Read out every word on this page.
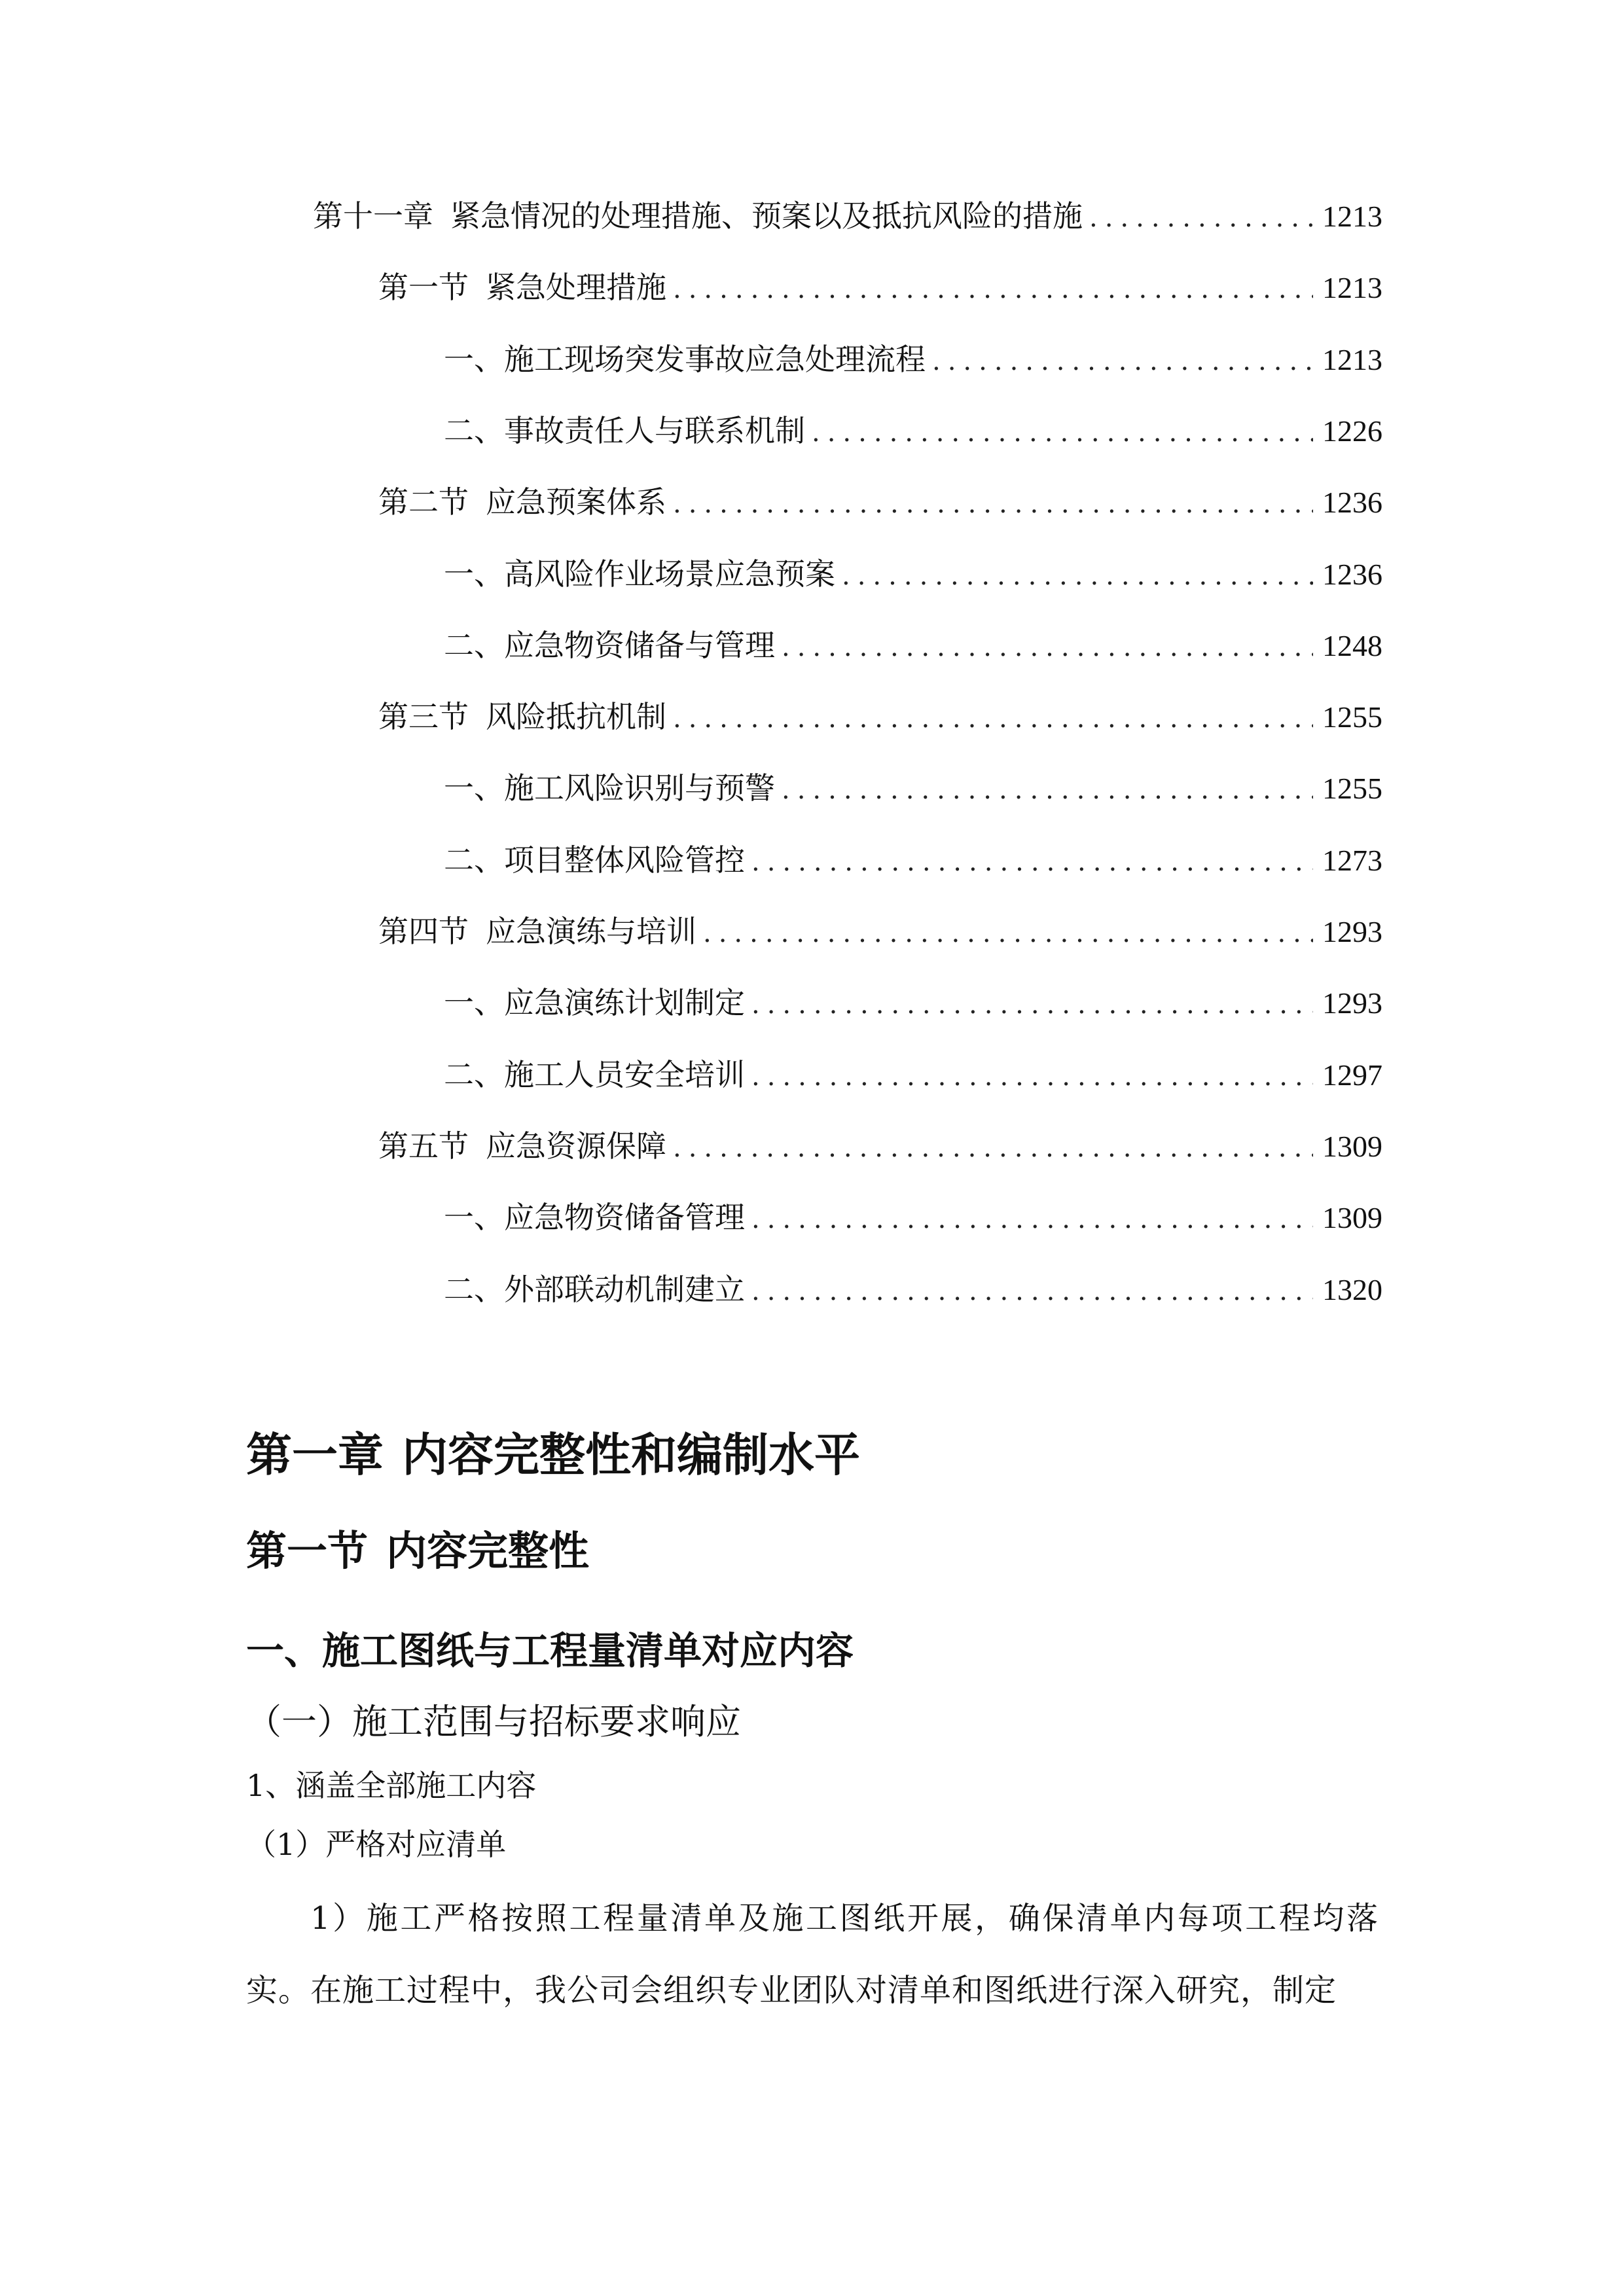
第十一章 紧急情况的处理措施、预案以及抵抗风险的措施 .....	1213
第一节 紧急处理措施 .....	1213
一、 施工现场突发事故应急处理流程 .....	1213
二、 事故责任人与联系机制 .....	1226
第二节 应急预案体系 .....	1236
一、 高风险作业场景应急预案 .....	1236
二、 应急物资储备与管理 .....	1248
第三节 风险抵抗机制 .....	1255
一、 施工风险识别与预警 .....	1255
二、 项目整体风险管控 .....	1273
第四节 应急演练与培训 .....	1293
一、 应急演练计划制定 .....	1293
二、 施工人员安全培训 .....	1297
第五节 应急资源保障 .....	1309
一、 应急物资储备管理 .....	1309
二、 外部联动机制建立 .....	1320
第一章 内容完整性和编制水平
第一节 内容完整性
一、施工图纸与工程量清单对应内容
（一）施工范围与招标要求响应
1、涵盖全部施工内容
（1）严格对应清单
1）施工严格按照工程量清单及施工图纸开展，确保清单内每项工程均落实。在施工过程中，我公司会组织专业团队对清单和图纸进行深入研究，制定
